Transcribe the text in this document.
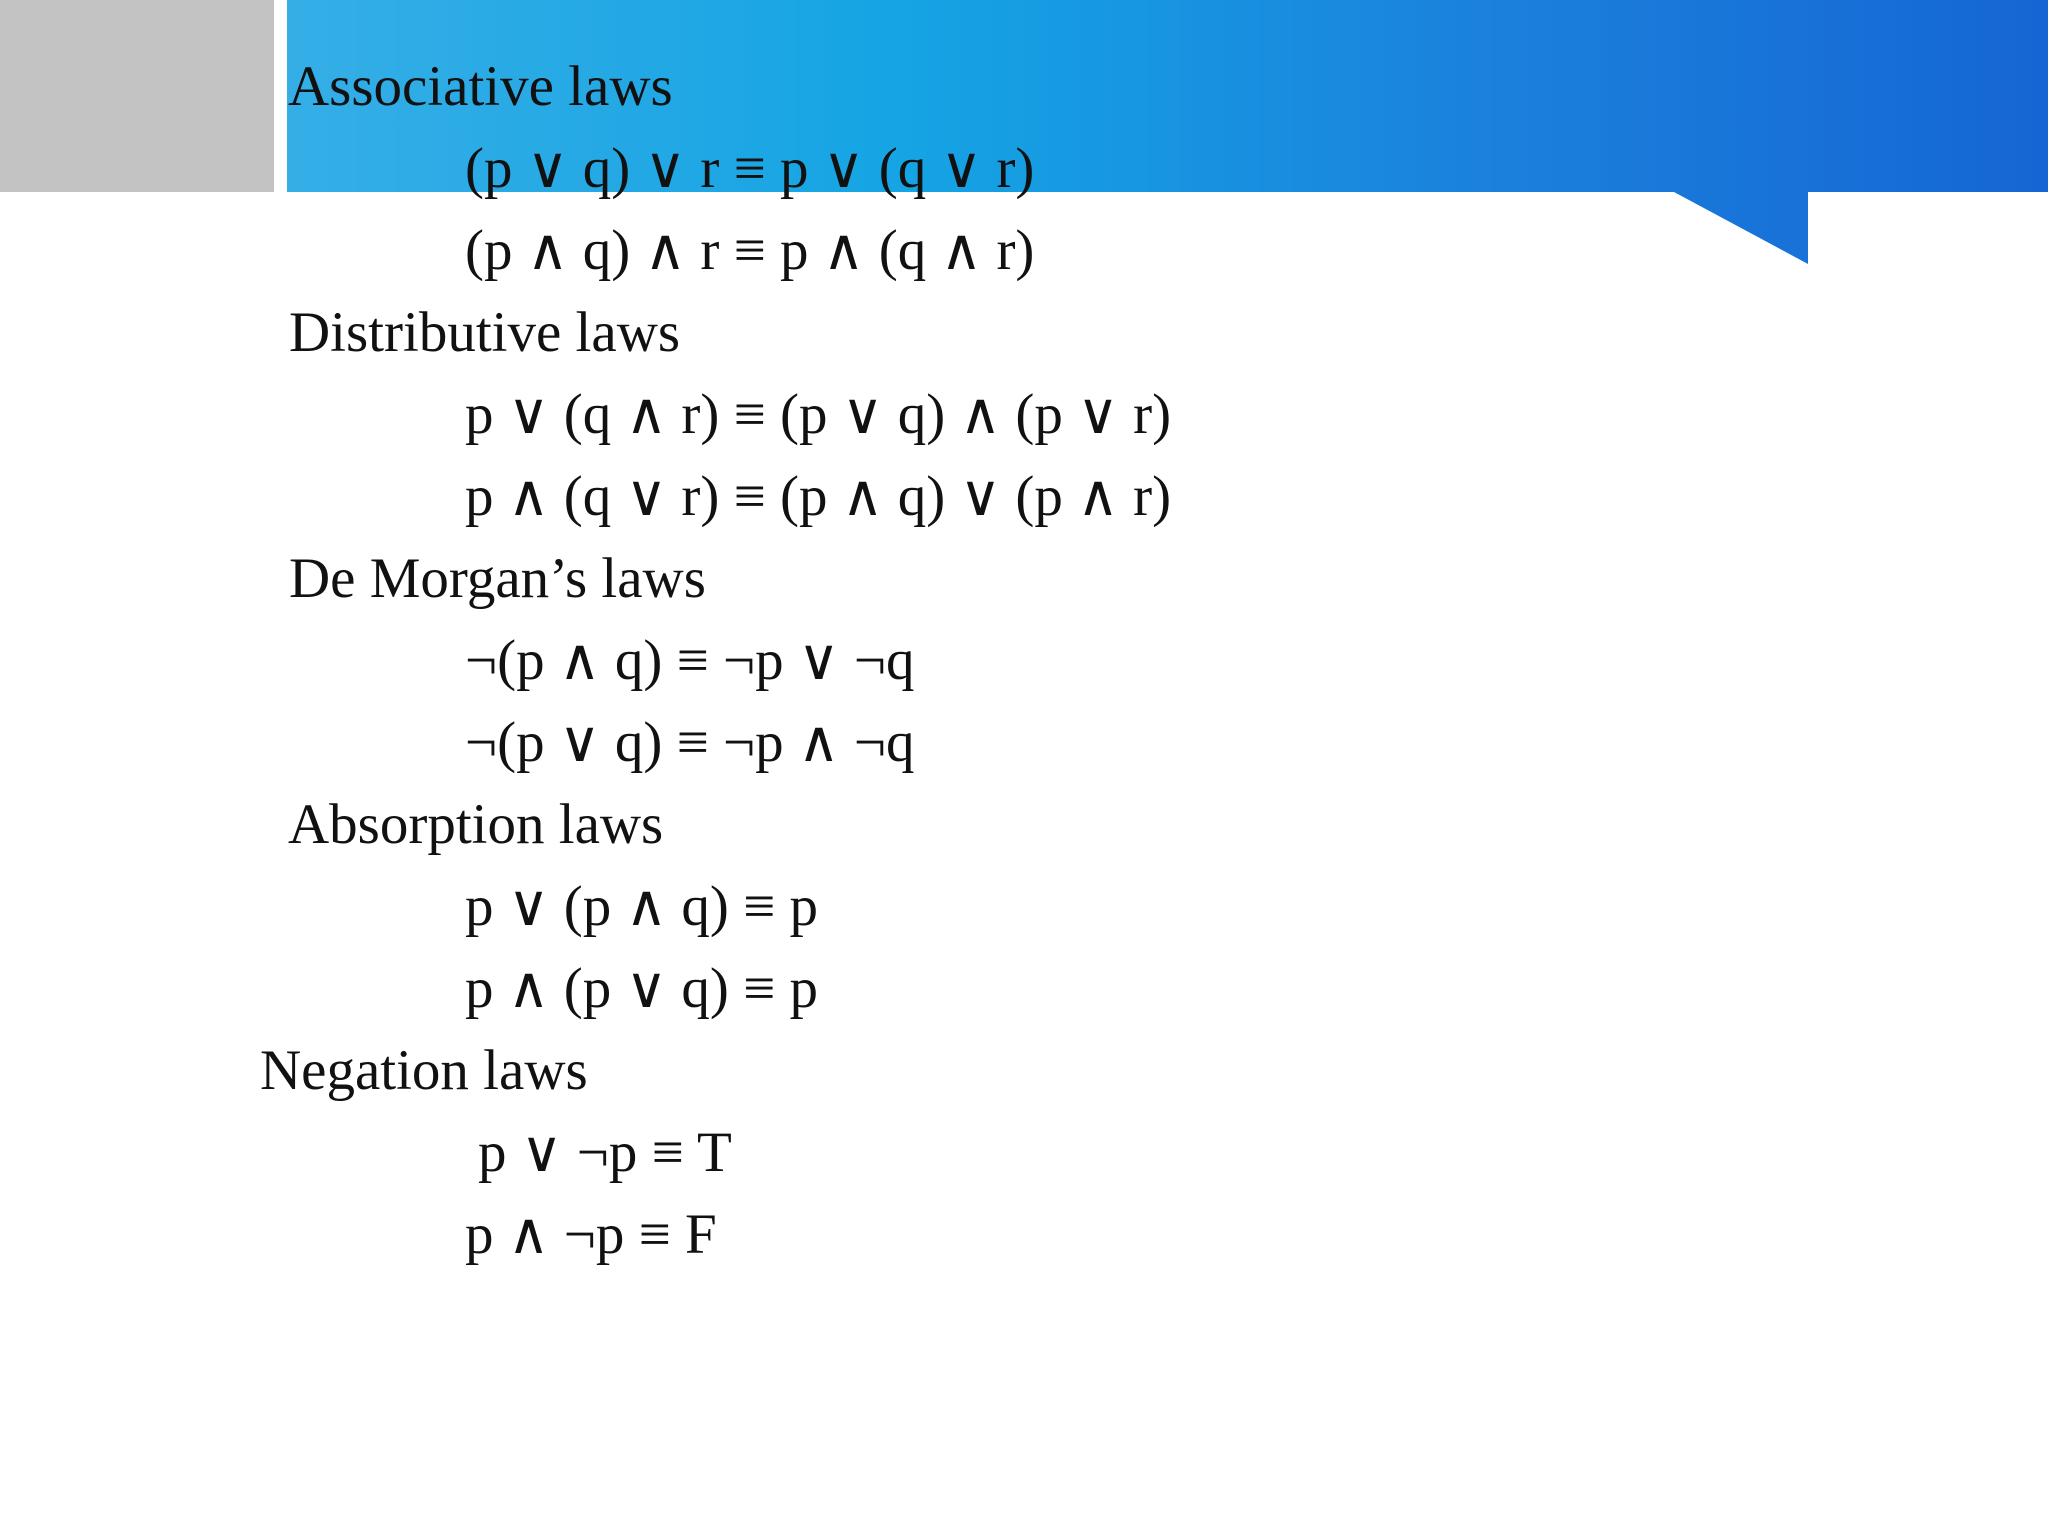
Associative laws
(p ∨ q) ∨ r ≡ p ∨ (q ∨ r)
(p ∧ q) ∧ r ≡ p ∧ (q ∧ r)
Distributive laws
p ∨ (q ∧ r) ≡ (p ∨ q) ∧ (p ∨ r)
p ∧ (q ∨ r) ≡ (p ∧ q) ∨ (p ∧ r)
De Morgan’s laws
¬(p ∧ q) ≡ ¬p ∨ ¬q
¬(p ∨ q) ≡ ¬p ∧ ¬q
Absorption laws
p ∨ (p ∧ q) ≡ p
p ∧ (p ∨ q) ≡ p
Negation laws
p ∨ ¬p ≡ T
p ∧ ¬p ≡ F
